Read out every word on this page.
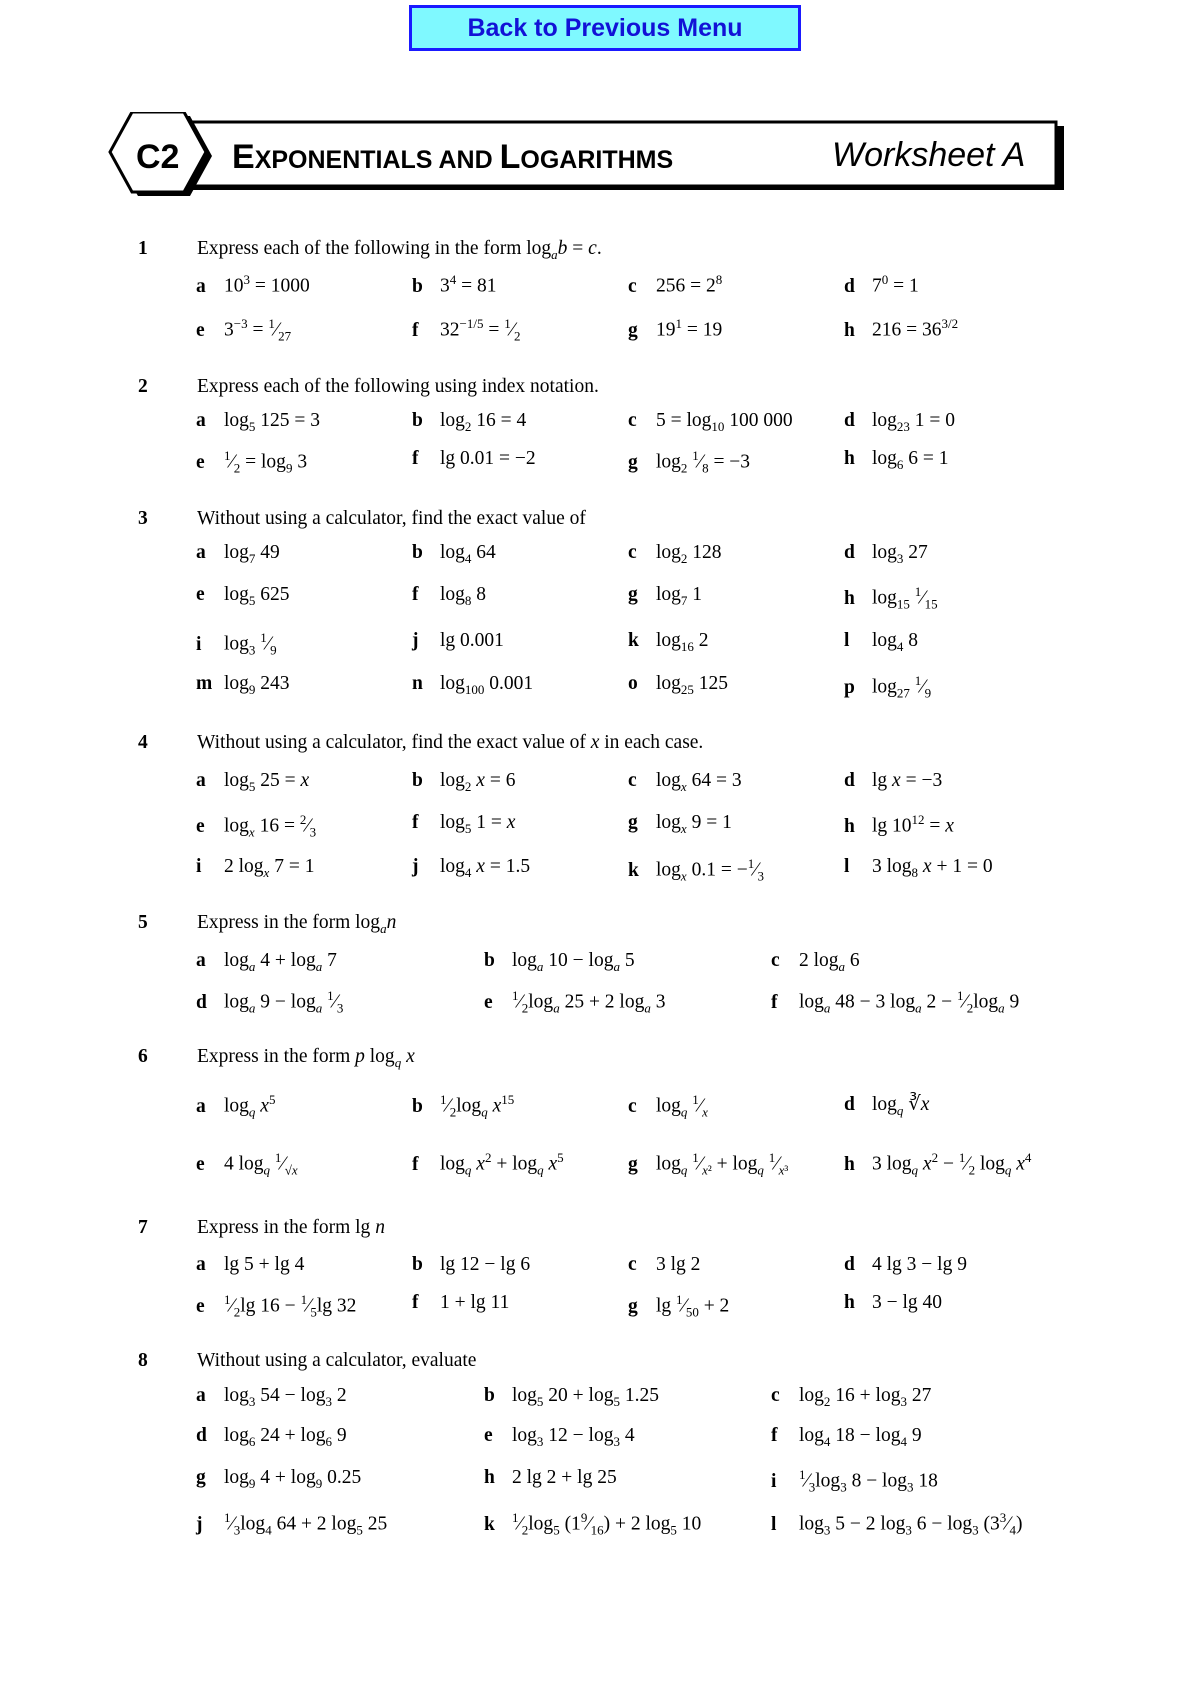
Back to Previous Menu
C2 EXPONENTIALS AND LOGARITHMS	Worksheet A
1	Express each of the following in the form $\log_ab = c$.
a $10^3 = 1000$	b $3^4 = 81$	c $256 = 2^8$	d $7^0 = 1$
e $3^{-3}$ = $^1⁄_{27}$	f $32^{-1/5}$ = $^1⁄_2$	g $19^1 = 19$	h $216 = 36^{3/2}$
2	Express each of the following using index notation.
a $\log_5 125 = 3$	b $\log_2 16 = 4$	c $5 = \log_{10} 100$ 000	d $\log_{23} 1 = 0$
e $^1⁄_2 = \log_9 3$	f lg 0.01 = −2	g $\log_2$ $^1⁄_8 = -3$	h $\log_6 6 = 1$
3	Without using a calculator, find the exact value of
a $\log_7 49$	b $\log_4 64$	c $\log_2 128$	d $\log_3 27$
e $\log_5 625$	f $\log_8 8$	g $\log_7 1$	h $\log_{15}$ $^1⁄_{15}$
i $\log_3$ $^1⁄_9$	j lg 0.001	k $\log_{16} 2$	l $\log_4 8$
m $\log_9 243$	n $\log_{100} 0.001$	o $\log_{25} 125$	p $\log_{27}$ $^1⁄_9$
4	Without using a calculator, find the exact value of x in each case.
a $\log_5 25 = x$	b $\log_2 x = 6$	c $\log_x 64 = 3$	d lg x = −3
e $\log_x 16$ = $^2⁄_3$	f $\log_5 1 = x$	g $\log_x 9 = 1$	h $\lg 10^{12} = x$
i 2 $\log_x 7 = 1$	j $\log_4 x = 1.5$	k $\log_x 0.1$ = $-^1⁄_3$	l 3 $\log_8 x + 1 = 0$
5	Express in the form $\log_an$
a $\log_a 4 + \log_a 7$	b $\log_a 10 - \log_a 5$	c 2 $\log_a 6$
d $\log_a 9 - \log_a$ $^1⁄_3$	e $^1⁄_2\log_a$ 25 + 2 $\log_a 3$	f $\log_a 48 - 3$ $\log_a 2$ − $^1⁄_2\log_a$ 9
6	Express in the form p $\log_q x$
a $\log_q x^5$	b $^1⁄_2\log_q$ $x^{15}$	c $\log_q$ $^1⁄_x$	d $\log_q$ ∛x
e 4 $\log_q$ $^1⁄_{√x}$	f $\log_q x^2 + \log_q x^5$	g $\log_q$ $^1⁄_{x^2} + \log_q$ $^1⁄_{x^3}$	h 3 $\log_q x^2$ − $^1⁄_2$ $\log_q x^4$
7	Express in the form lg n
a lg 5 + lg 4	b lg 12 − lg 6	c 3 lg 2	d 4 lg 3 − lg 9
e $^1⁄_2\lg$ $16 - ^1⁄_5\lg$ 32	f 1 + lg 11	g $\lg ^1⁄_{50} + 2$	h 3 − lg 40
8	Without using a calculator, evaluate
a $\log_3 54 - \log_3 2$	b $\log_5 20 + \log_5 1.25$	c $\log_2 16 + \log_3 27$
d $\log_6 24 + \log_6 9$	e $\log_3 12 - \log_3 4$	f $\log_4 18 - \log_4 9$
g $\log_9 4 + \log_9 0.25$	h 2 lg 2 + lg 25	i $^1⁄_3\log_3$ $8 - \log_3 18$
j $^1⁄_3\log_4$ 64 + 2 $\log_5 25$	k $^1⁄_2\log_5$ $(1^9⁄_{16}) + 2$ $\log_5 10$	l $\log_3 5 - 2$ $\log_3 6 - \log_3$ $(3^3⁄_4)$
